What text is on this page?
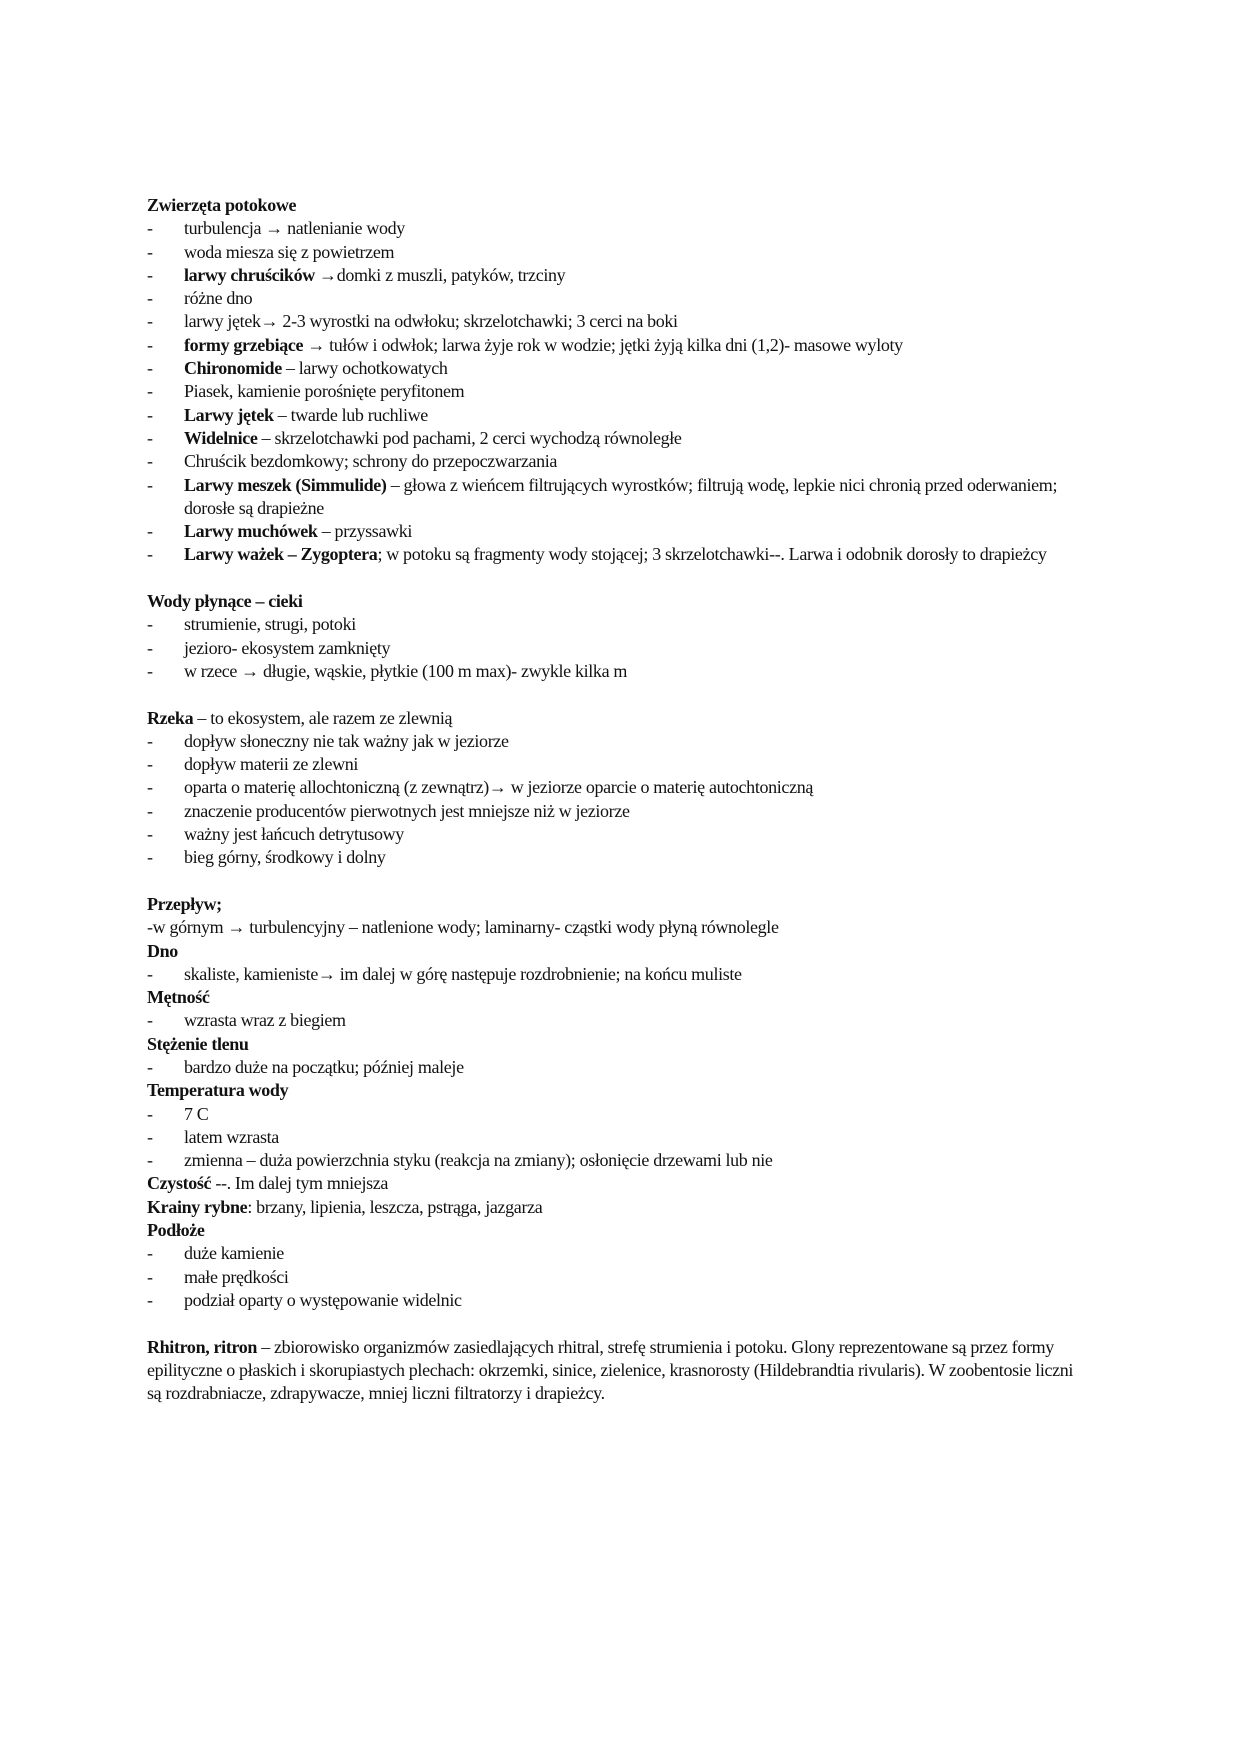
Zwierzęta potokowe
-	turbulencja → natlenianie wody
-	woda miesza się z powietrzem
-	larwy chruścików →domki z muszli, patyków, trzciny
-	różne dno
-	larwy jętek→ 2-3 wyrostki na odwłoku; skrzelotchawki; 3 cerci na boki
-	formy grzebiące → tułów i odwłok; larwa żyje rok w wodzie; jętki żyją kilka dni (1,2)- masowe wyloty
-	Chironomide – larwy ochotkowatych
-	Piasek, kamienie porośnięte peryfitonem
-	Larwy jętek – twarde lub ruchliwe
-	Widelnice – skrzelotchawki pod pachami, 2 cerci wychodzą równoległe
-	Chruścik bezdomkowy; schrony do przepoczwarzania
-	Larwy meszek (Simmulide) – głowa z wieńcem filtrujących wyrostków; filtrują wodę, lepkie nici chronią przed oderwaniem; dorosłe są drapieżne
-	Larwy muchówek – przyssawki
-	Larwy ważek – Zygoptera; w potoku są fragmenty wody stojącej; 3 skrzelotchawki--. Larwa i odobnik dorosły to drapieżcy
Wody płynące – cieki
-	strumienie, strugi, potoki
-	jezioro- ekosystem zamknięty
-	w rzece → długie, wąskie, płytkie (100 m max)- zwykle kilka m
Rzeka – to ekosystem, ale razem ze zlewnią
-	dopływ słoneczny nie tak ważny jak w jeziorze
-	dopływ materii ze zlewni
-	oparta o materię allochtoniczną (z zewnątrz)→ w jeziorze oparcie o materię autochtoniczną
-	znaczenie producentów pierwotnych jest mniejsze niż w jeziorze
-	ważny jest łańcuch detrytusowy
-	bieg górny, środkowy i dolny
Przepływ;
-w górnym → turbulencyjny – natlenione wody; laminarny- cząstki wody płyną równolegle
Dno
-	skaliste, kamieniste→ im dalej w górę następuje rozdrobnienie; na końcu muliste
Mętność
-	wzrasta wraz z biegiem
Stężenie tlenu
-	bardzo duże na początku; później maleje
Temperatura wody
-	7 C
-	latem wzrasta
-	zmienna – duża powierzchnia styku (reakcja na zmiany); osłonięcie drzewami lub nie
Czystość --. Im dalej tym mniejsza
Krainy rybne: brzany, lipienia, leszcza, pstrąga, jazgarza
Podłoże
-	duże kamienie
-	małe prędkości
-	podział oparty o występowanie widelnic

Rhitron, ritron – zbiorowisko organizmów zasiedlających rhitral, strefę strumienia i potoku. Glony reprezentowane są przez formy epilityczne o płaskich i skorupiastych plechach: okrzemki, sinice, zielenice, krasnorosty (Hildebrandtia rivularis). W zoobentosie liczni są rozdrabniacze, zdrapywacze, mniej liczni filtratorzy i drapieżcy.
